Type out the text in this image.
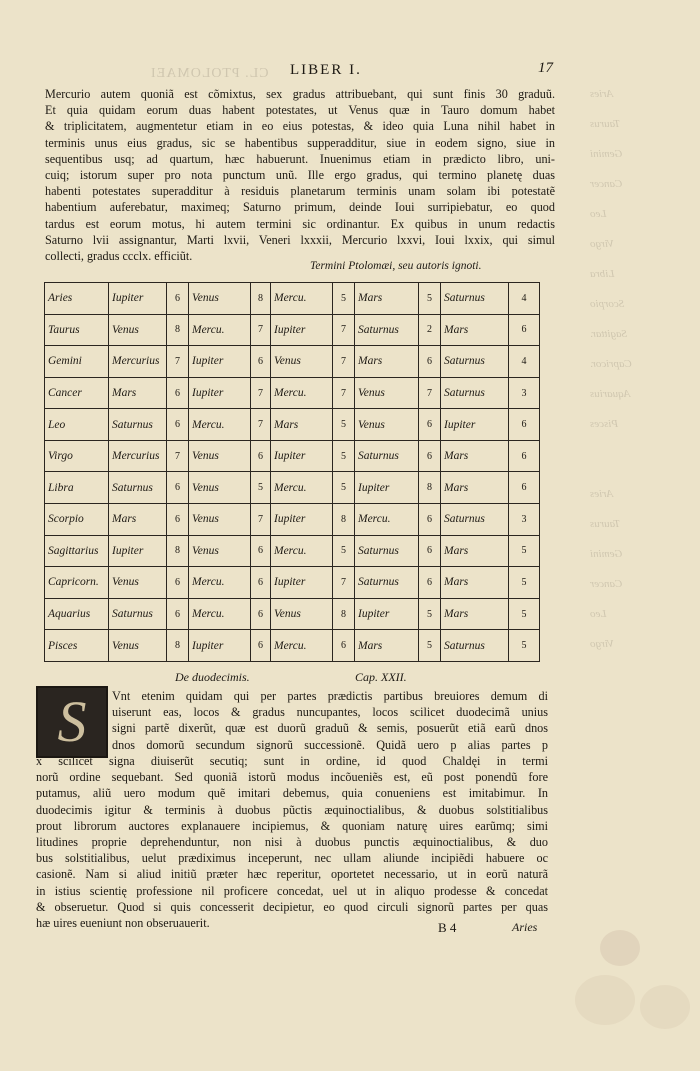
CL. PTOLOMAEI
Aries
Taurus
Gemini
Cancer
Leo
Virgo
Libra
Scorpio
Sagittar.
Capricor.
Aquarius
Pisces
Aries
Taurus
Gemini
Cancer
Leo
Virgo
LIBER I.	17
Mercurio autem quoniã est cõmixtus, sex gradus attribuebant, qui sunt finis 30 graduũ.
Et quia quidam eorum duas habent potestates, ut Venus quæ in Tauro domum habet
& triplicitatem, augmentetur etiam in eo eius potestas, & ideo quia Luna nihil habet in
terminis unus eius gradus, sic se habentibus supperadditur, siue in eodem signo, siue in
sequentibus usq; ad quartum, hæc habuerunt. Inuenimus etiam in prædicto libro, uni-
cuiq; istorum super pro nota punctum unũ. Ille ergo gradus, qui termino planetę duas
habenti potestates superadditur à residuis planetarum terminis unam solam ibi potestatẽ
habentium auferebatur, maximeq; Saturno primum, deinde Ioui surripiebatur, eo quod
tardus est eorum motus, hi autem termini sic ordinantur. Ex quibus in unum redactis
Saturno lvii assignantur, Marti lxvii, Veneri lxxxii, Mercurio lxxvi, Ioui lxxix, qui simul
collecti, gradus ccclx. efficiũt.
Termini Ptolomæi, seu autoris ignoti.
Aries	Iupiter	6	Venus	8	Mercu.	5	Mars	5	Saturnus	4
Taurus	Venus	8	Mercu.	7	Iupiter	7	Saturnus	2	Mars	6
Gemini	Mercurius	7	Iupiter	6	Venus	7	Mars	6	Saturnus	4
Cancer	Mars	6	Iupiter	7	Mercu.	7	Venus	7	Saturnus	3
Leo	Saturnus	6	Mercu.	7	Mars	5	Venus	6	Iupiter	6
Virgo	Mercurius	7	Venus	6	Iupiter	5	Saturnus	6	Mars	6
Libra	Saturnus	6	Venus	5	Mercu.	5	Iupiter	8	Mars	6
Scorpio	Mars	6	Venus	7	Iupiter	8	Mercu.	6	Saturnus	3
Sagittarius	Iupiter	8	Venus	6	Mercu.	5	Saturnus	6	Mars	5
Capricorn.	Venus	6	Mercu.	6	Iupiter	7	Saturnus	6	Mars	5
Aquarius	Saturnus	6	Mercu.	6	Venus	8	Iupiter	5	Mars	5
Pisces	Venus	8	Iupiter	6	Mercu.	6	Mars	5	Saturnus	5
De duodecimis.	Cap. XXII.
S	Vnt etenim quidam qui per partes prædictis partibus breuiores demum di
uiserunt eas, locos & gradus nuncupantes, locos scilicet duodecimã unius
signi partẽ dixerũt, quæ est duorũ graduũ & semis, posuerũt etiã earũ dnos
dnos domorũ secundum signorũ successionẽ. Quidã uero p alias partes p
x scilicet signa diuiserũt secutiq; sunt in ordine, id quod Chaldęi in termi
norũ ordine sequebant. Sed quoniã istorũ modus incõueniẽs est, eũ post ponendũ fore
putamus, aliũ uero modum quẽ imitari debemus, quia conueniens est imitabimur. In
duodecimis igitur & terminis à duobus pũctis æquinoctialibus, & duobus solstitialibus
prout librorum auctores explanauere incipiemus, & quoniam naturę uires earũmq; simi
litudines proprie deprehenduntur, non nisi à duobus punctis æquinoctialibus, & duo
bus solstitialibus, uelut prædiximus inceperunt, nec ullam aliunde incipiẽdi habuere oc
casionẽ. Nam si aliud initiũ præter hæc reperitur, oportetet necessario, ut in eorũ naturã
in istius scientię professione nil proficere concedat, uel ut in aliquo prodesse & concedat
& obseruetur. Quod si quis concesserit decipietur, eo quod circuli signorũ partes per quas
hæ uires eueniunt non obseruauerit.	B 4	Aries
